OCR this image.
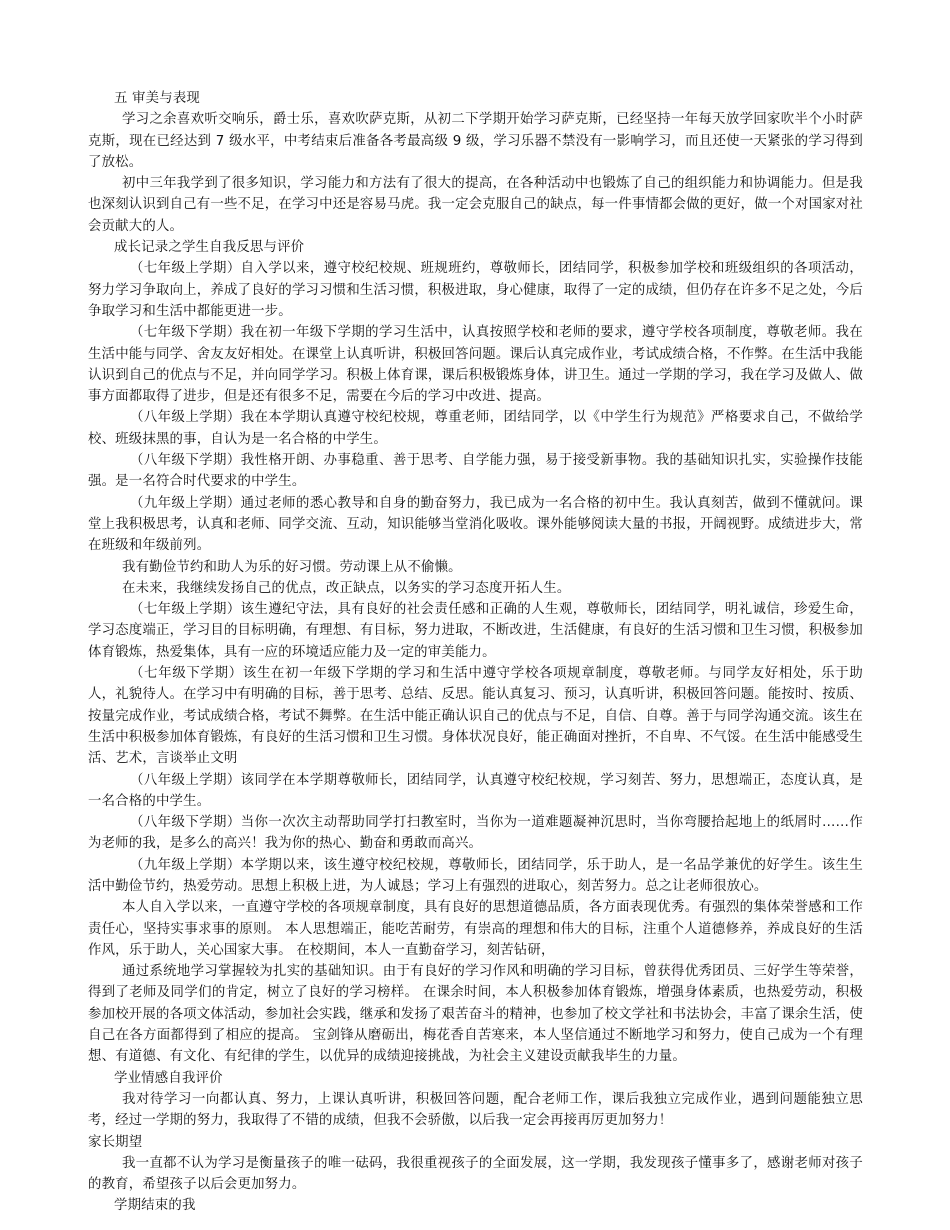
五 审美与表现

学习之余喜欢听交响乐，爵士乐，喜欢吹萨克斯，从初二下学期开始学习萨克斯，已经坚持一年每天放学回家吹半个小时萨克斯，现在已经达到 7 级水平，中考结束后准备各考最高级 9 级，学习乐器不禁没有一影响学习，而且还使一天紧张的学习得到了放松。

初中三年我学到了很多知识，学习能力和方法有了很大的提高，在各种活动中也锻炼了自己的组织能力和协调能力。但是我也深刻认识到自己有一些不足，在学习中还是容易马虎。我一定会克服自己的缺点，每一件事情都会做的更好，做一个对国家对社会贡献大的人。

成长记录之学生自我反思与评价

（七年级上学期）自入学以来，遵守校纪校规、班规班约，尊敬师长，团结同学，积极参加学校和班级组织的各项活动，努力学习争取向上，养成了良好的学习习惯和生活习惯，积极进取，身心健康，取得了一定的成绩，但仍存在许多不足之处，今后争取学习和生活中都能更进一步。

（七年级下学期）我在初一年级下学期的学习生活中，认真按照学校和老师的要求，遵守学校各项制度，尊敬老师。我在生活中能与同学、舍友友好相处。在课堂上认真听讲，积极回答问题。课后认真完成作业，考试成绩合格，不作弊。在生活中我能认识到自己的优点与不足，并向同学学习。积极上体育课，课后积极锻炼身体，讲卫生。通过一学期的学习，我在学习及做人、做事方面都取得了进步，但是还有很多不足，需要在今后的学习中改进、提高。

（八年级上学期）我在本学期认真遵守校纪校规，尊重老师，团结同学，以《中学生行为规范》严格要求自己，不做给学校、班级抹黑的事，自认为是一名合格的中学生。

（八年级下学期）我性格开朗、办事稳重、善于思考、自学能力强，易于接受新事物。我的基础知识扎实，实验操作技能强。是一名符合时代要求的中学生。

（九年级上学期）通过老师的悉心教导和自身的勤奋努力，我已成为一名合格的初中生。我认真刻苦，做到不懂就问。课堂上我积极思考，认真和老师、同学交流、互动，知识能够当堂消化吸收。课外能够阅读大量的书报，开阔视野。成绩进步大，常在班级和年级前列。

我有勤俭节约和助人为乐的好习惯。劳动课上从不偷懒。

在未来，我继续发扬自己的优点，改正缺点，以务实的学习态度开拓人生。

（七年级上学期）该生遵纪守法，具有良好的社会责任感和正确的人生观，尊敬师长，团结同学，明礼诚信，珍爱生命，学习态度端正，学习目的目标明确，有理想、有目标，努力进取，不断改进，生活健康，有良好的生活习惯和卫生习惯，积极参加体育锻炼，热爱集体，具有一应的环境适应能力及一定的审美能力。

（七年级下学期）该生在初一年级下学期的学习和生活中遵守学校各项规章制度，尊敬老师。与同学友好相处，乐于助人，礼貌待人。在学习中有明确的目标，善于思考、总结、反思。能认真复习、预习，认真听讲，积极回答问题。能按时、按质、按量完成作业，考试成绩合格，考试不舞弊。在生活中能正确认识自己的优点与不足，自信、自尊。善于与同学沟通交流。该生在生活中积极参加体育锻炼，有良好的生活习惯和卫生习惯。身体状况良好，能正确面对挫折，不自卑、不气馁。在生活中能感受生活、艺术，言谈举止文明

（八年级上学期）该同学在本学期尊敬师长，团结同学，认真遵守校纪校规，学习刻苦、努力，思想端正，态度认真，是一名合格的中学生。

（八年级下学期）当你一次次主动帮助同学打扫教室时，当你为一道难题凝神沉思时，当你弯腰拾起地上的纸屑时……作为老师的我，是多么的高兴！我为你的热心、勤奋和勇敢而高兴。

（九年级上学期）本学期以来，该生遵守校纪校规，尊敬师长，团结同学，乐于助人，是一名品学兼优的好学生。该生生活中勤俭节约，热爱劳动。思想上积极上进，为人诚恳；学习上有强烈的进取心，刻苦努力。总之让老师很放心。

本人自入学以来，一直遵守学校的各项规章制度，具有良好的思想道德品质，各方面表现优秀。有强烈的集体荣誉感和工作责任心，坚持实事求事的原则。 本人思想端正，能吃苦耐劳，有崇高的理想和伟大的目标，注重个人道德修养，养成良好的生活作风，乐于助人，关心国家大事。 在校期间，本人一直勤奋学习，刻苦钻研，

通过系统地学习掌握较为扎实的基础知识。由于有良好的学习作风和明确的学习目标，曾获得优秀团员、三好学生等荣誉，得到了老师及同学们的肯定，树立了良好的学习榜样。 在课余时间，本人积极参加体育锻炼，增强身体素质，也热爱劳动，积极参加校开展的各项文体活动，参加社会实践，继承和发扬了艰苦奋斗的精神，也参加了校文学社和书法协会，丰富了课余生活，使自己在各方面都得到了相应的提高。 宝剑锋从磨砺出，梅花香自苦寒来，本人坚信通过不断地学习和努力，使自己成为一个有理想、有道德、有文化、有纪律的学生，以优异的成绩迎接挑战，为社会主义建设贡献我毕生的力量。

学业情感自我评价

我对待学习一向都认真、努力，上课认真听讲，积极回答问题，配合老师工作，课后我独立完成作业，遇到问题能独立思考，经过一学期的努力，我取得了不错的成绩，但我不会骄傲，以后我一定会再接再厉更加努力！

家长期望

我一直都不认为学习是衡量孩子的唯一砝码，我很重视孩子的全面发展，这一学期，我发现孩子懂事多了，感谢老师对孩子的教育，希望孩子以后会更加努力。

学期结束的我
